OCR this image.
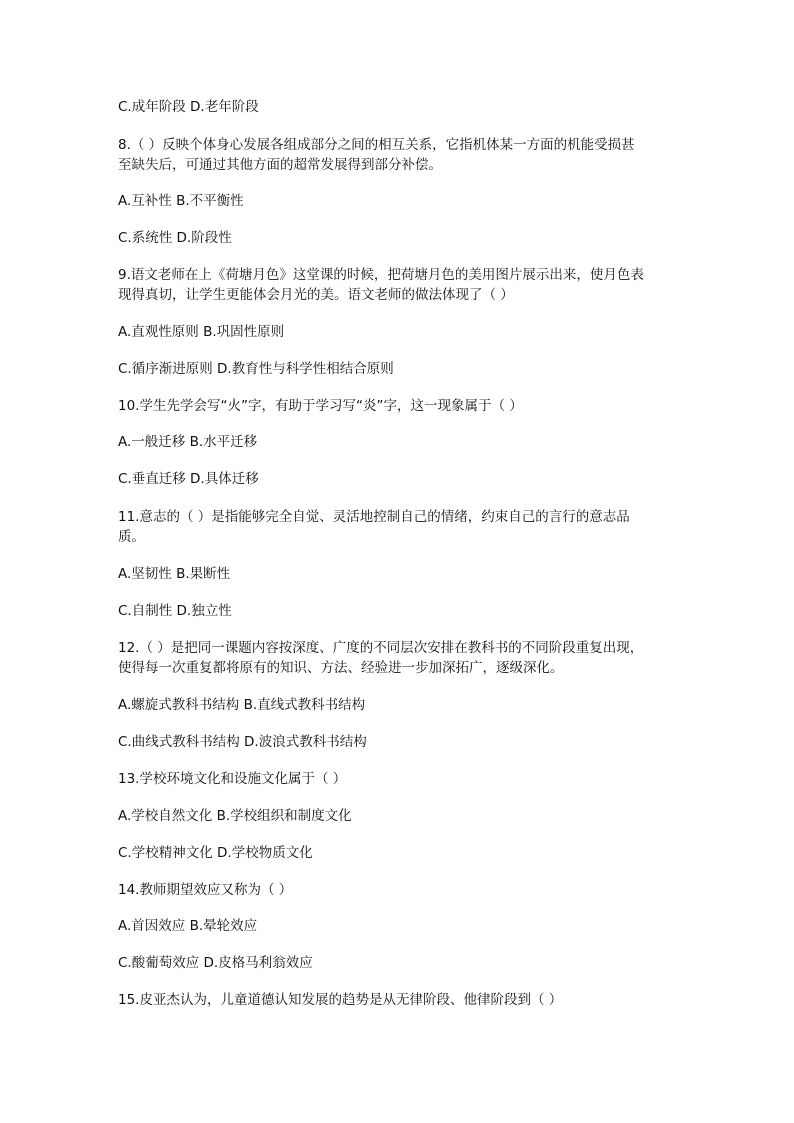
C.成年阶段 D.老年阶段
8.（ ）反映个体身心发展各组成部分之间的相互关系，它指机体某一方面的机能受损甚
至缺失后，可通过其他方面的超常发展得到部分补偿。
A.互补性 B.不平衡性
C.系统性 D.阶段性
9.语文老师在上《荷塘月色》这堂课的时候，把荷塘月色的美用图片展示出来，使月色表
现得真切，让学生更能体会月光的美。语文老师的做法体现了（ ）
A.直观性原则 B.巩固性原则
C.循序渐进原则 D.教育性与科学性相结合原则
10.学生先学会写“火”字，有助于学习写“炎”字，这一现象属于（ ）
A.一般迁移 B.水平迁移
C.垂直迁移 D.具体迁移
11.意志的（ ）是指能够完全自觉、灵活地控制自己的情绪，约束自己的言行的意志品
质。
A.坚韧性 B.果断性
C.自制性 D.独立性
12.（ ）是把同一课题内容按深度、广度的不同层次安排在教科书的不同阶段重复出现，
使得每一次重复都将原有的知识、方法、经验进一步加深拓广，逐级深化。
A.螺旋式教科书结构 B.直线式教科书结构
C.曲线式教科书结构 D.波浪式教科书结构
13.学校环境文化和设施文化属于（ ）
A.学校自然文化 B.学校组织和制度文化
C.学校精神文化 D.学校物质文化
14.教师期望效应又称为（ ）
A.首因效应 B.晕轮效应
C.酸葡萄效应 D.皮格马利翁效应
15.皮亚杰认为，儿童道德认知发展的趋势是从无律阶段、他律阶段到（ ）
